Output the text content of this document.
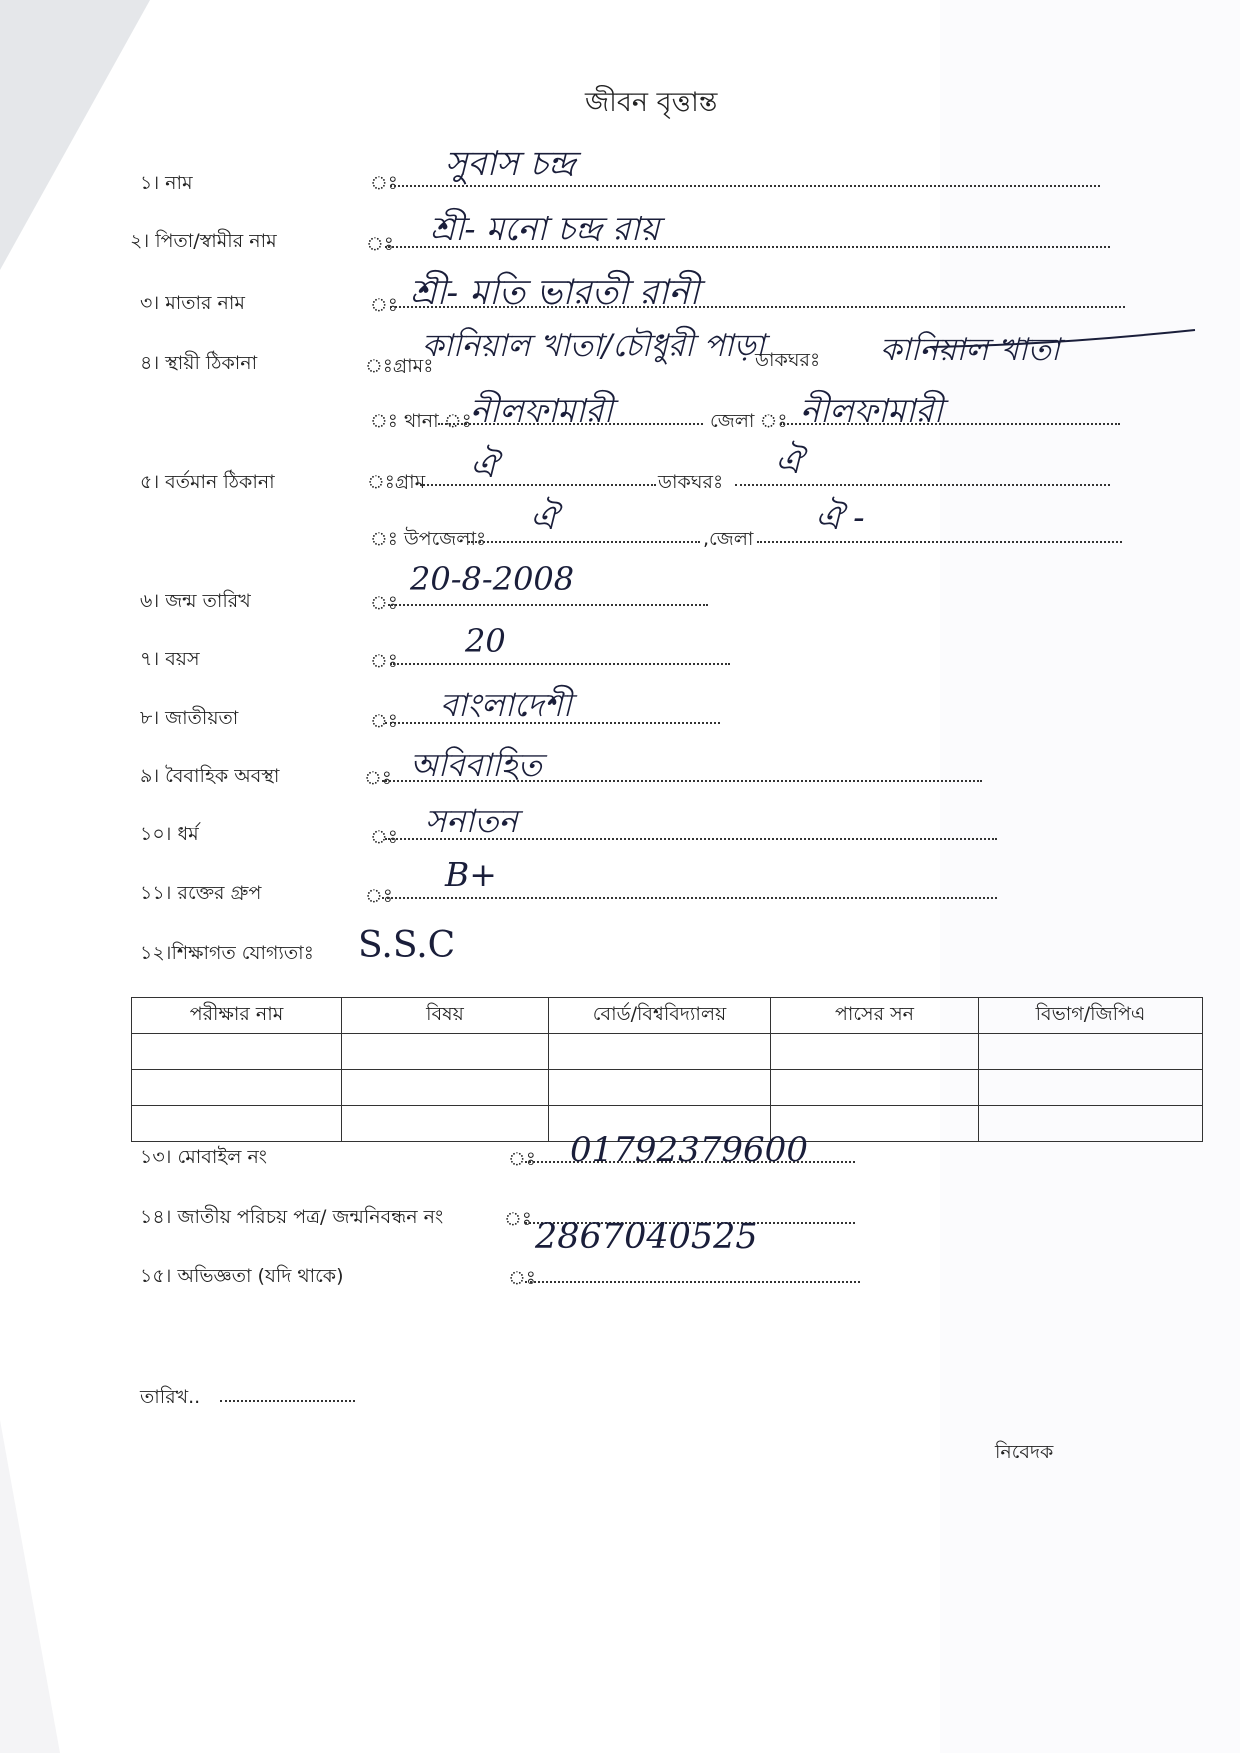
জীবন বৃত্তান্ত
১। নাম	ঃ সুবাস চন্দ্র
২। পিতা/স্বামীর নাম	ঃ শ্রী- মনো চন্দ্র রায়
৩। মাতার নাম	ঃ শ্রী- মতি ভারতী রানী
৪। স্থায়ী ঠিকানা	ঃগ্রামঃ
কানিয়াল খাতা/চৌধুরী পাড়া
ডাকঘরঃ কানিয়াল খাতা
ঃ থানা ঃ
নীলফামারী	জেলা ঃ নীলফামারী
৫। বর্তমান ঠিকানা	ঃগ্রাম ঐ	ডাকঘরঃ ঐ
ঃ উপজেলাঃ
ঐ
,জেলা
ঐ -
৬। জন্ম তারিখ	ঃ
20-8-2008
৭। বয়স	ঃ
20
৮। জাতীয়তা	ঃ বাংলাদেশী
৯। বৈবাহিক অবস্থা	ঃ অবিবাহিত
১০। ধর্ম	ঃ সনাতন
১১। রক্তের গ্রুপ	ঃ
B+
১২।শিক্ষাগত যোগ্যতাঃ S.S.C
পরীক্ষার নাম	বিষয়	বোর্ড/বিশ্ববিদ্যালয়	পাসের সন	বিভাগ/জিপিএ

১৩। মোবাইল নং	ঃ 01792379600
১৪। জাতীয় পরিচয় পত্র/ জন্মনিবন্ধন নং	ঃ 2867040525
১৫। অভিজ্ঞতা (যদি থাকে)	ঃ
তারিখ..
নিবেদক
